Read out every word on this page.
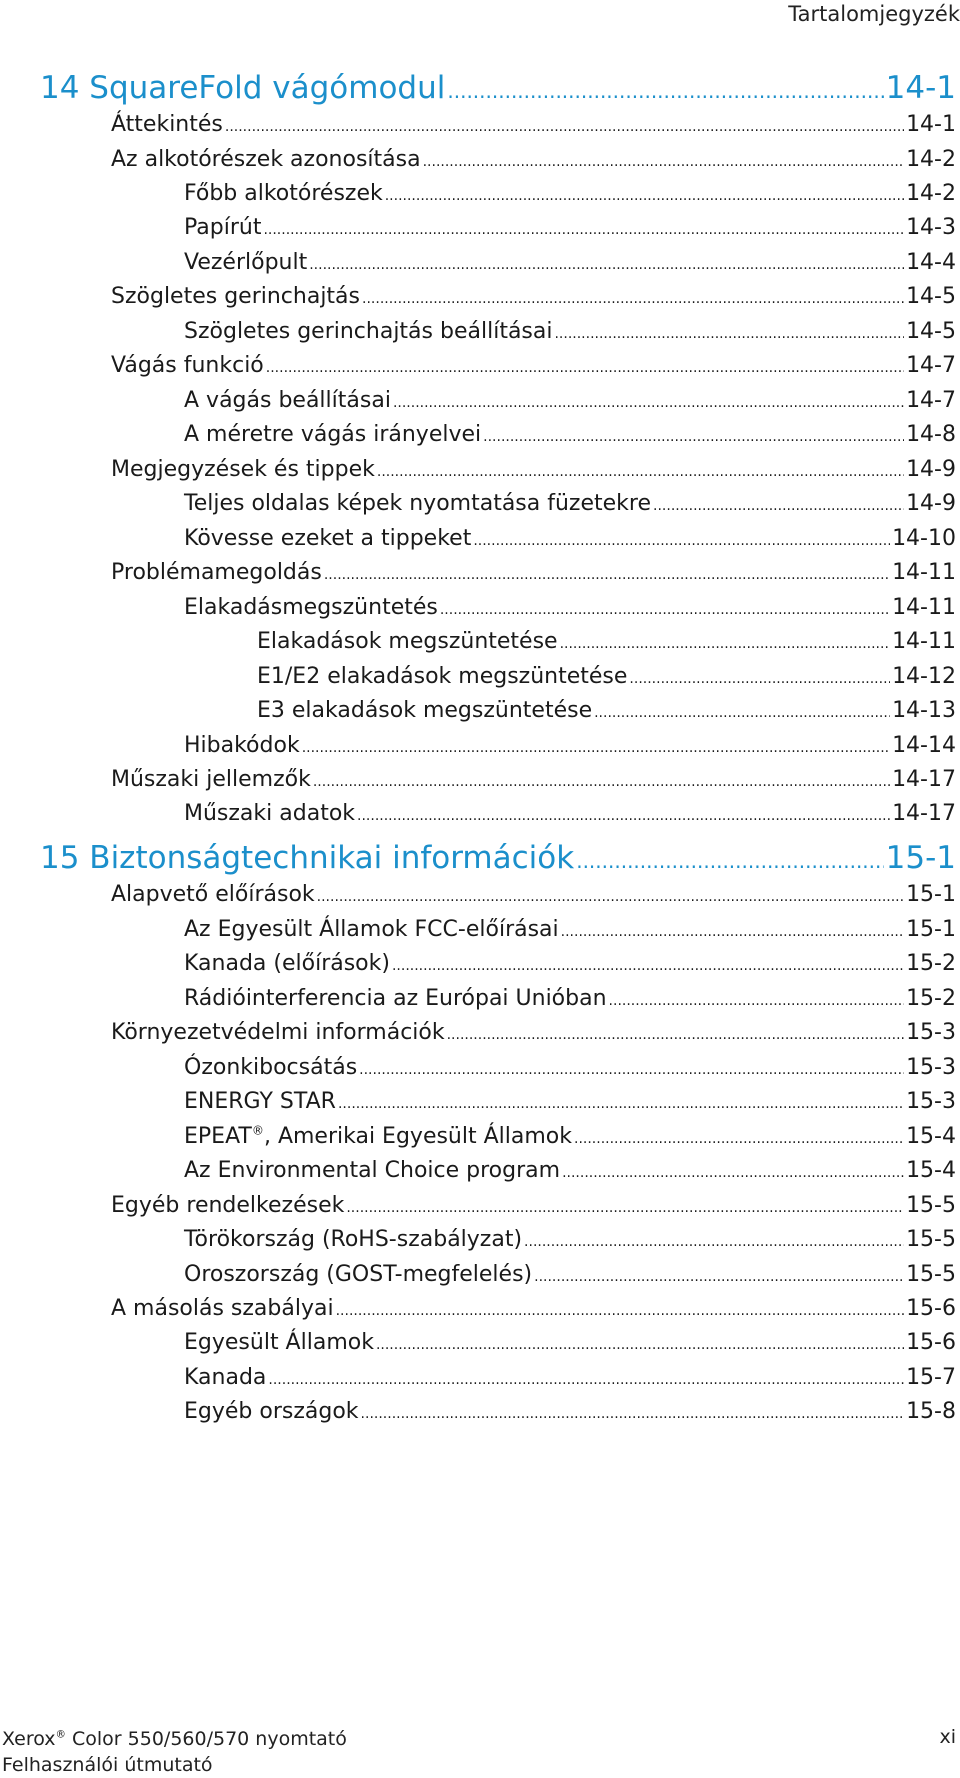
Tartalomjegyzék
14 SquareFold vágómodul .....	14-1
Áttekintés .....	14-1
Az alkotórészek azonosítása .....	14-2
Főbb alkotórészek .....	14-2
Papírút .....	14-3
Vezérlőpult .....	14-4
Szögletes gerinchajtás .....	14-5
Szögletes gerinchajtás beállításai .....	14-5
Vágás funkció .....	14-7
A vágás beállításai .....	14-7
A méretre vágás irányelvei .....	14-8
Megjegyzések és tippek .....	14-9
Teljes oldalas képek nyomtatása füzetekre .....	14-9
Kövesse ezeket a tippeket .....	14-10
Problémamegoldás .....	14-11
Elakadásmegszüntetés .....	14-11
Elakadások megszüntetése .....	14-11
E1/E2 elakadások megszüntetése .....	14-12
E3 elakadások megszüntetése .....	14-13
Hibakódok .....	14-14
Műszaki jellemzők .....	14-17
Műszaki adatok .....	14-17
15 Biztonságtechnikai információk .....	15-1
Alapvető előírások .....	15-1
Az Egyesült Államok FCC-előírásai .....	15-1
Kanada (előírások) .....	15-2
Rádióinterferencia az Európai Unióban .....	15-2
Környezetvédelmi információk .....	15-3
Ózonkibocsátás .....	15-3
ENERGY STAR .....	15-3
EPEAT®, Amerikai Egyesült Államok .....	15-4
Az Environmental Choice program .....	15-4
Egyéb rendelkezések .....	15-5
Törökország (RoHS-szabályzat) .....	15-5
Oroszország (GOST-megfelelés) .....	15-5
A másolás szabályai .....	15-6
Egyesült Államok .....	15-6
Kanada .....	15-7
Egyéb országok .....	15-8
Xerox® Color 550/560/570 nyomtató
Felhasználói útmutató
xi
